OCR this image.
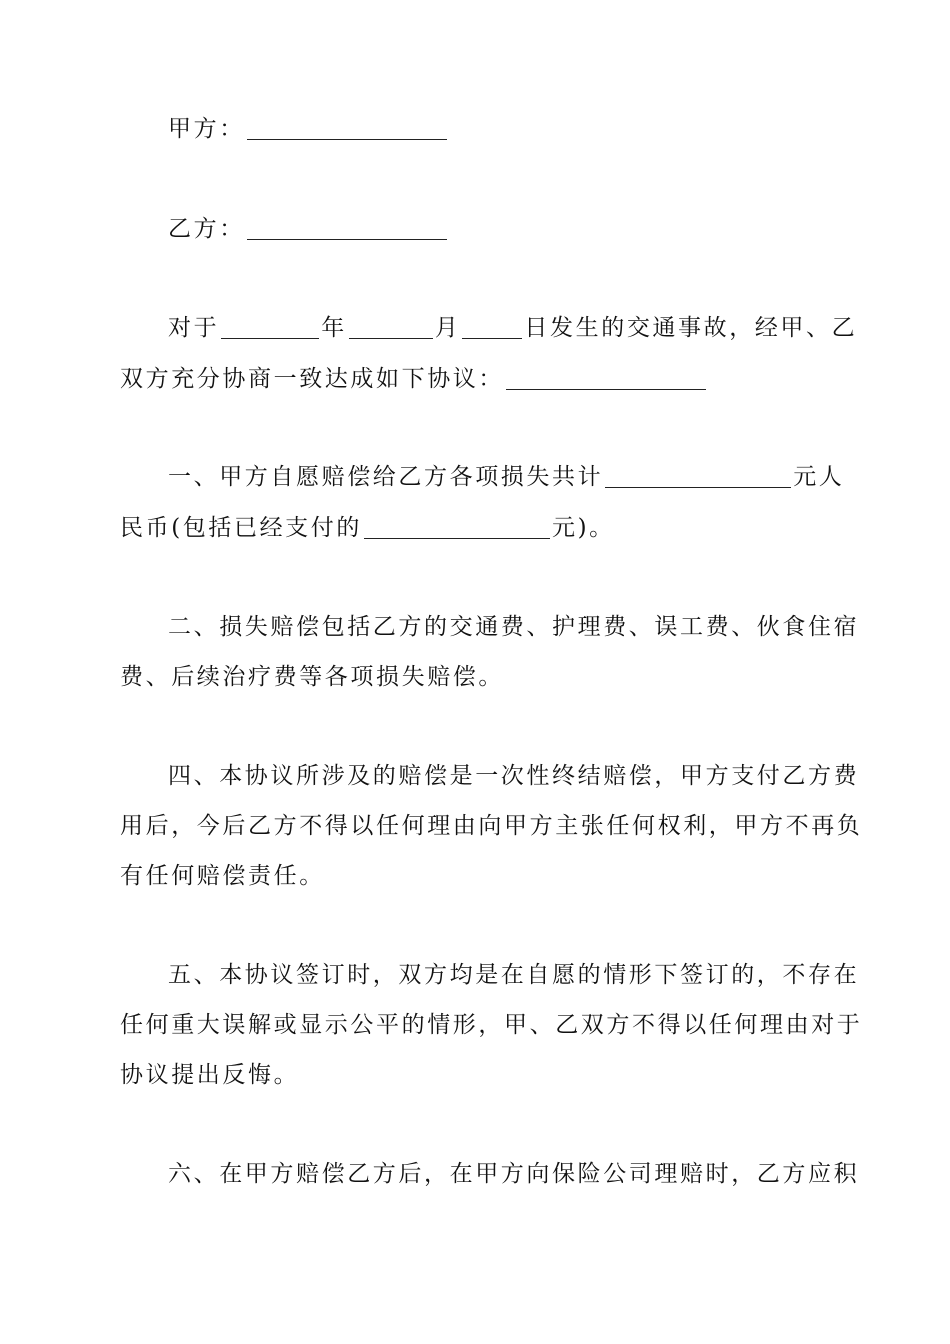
甲方：
乙方：
对于	年	月	日发生的交通事故，经甲、乙
双方充分协商一致达成如下协议：
一、甲方自愿赔偿给乙方各项损失共计	元人
民币(包括已经支付的	元)。
二、损失赔偿包括乙方的交通费、护理费、误工费、伙食住宿
费、后续治疗费等各项损失赔偿。
四、本协议所涉及的赔偿是一次性终结赔偿，甲方支付乙方费
用后，今后乙方不得以任何理由向甲方主张任何权利，甲方不再负
有任何赔偿责任。
五、本协议签订时，双方均是在自愿的情形下签订的，不存在
任何重大误解或显示公平的情形，甲、乙双方不得以任何理由对于
协议提出反悔。
六、在甲方赔偿乙方后，在甲方向保险公司理赔时，乙方应积
